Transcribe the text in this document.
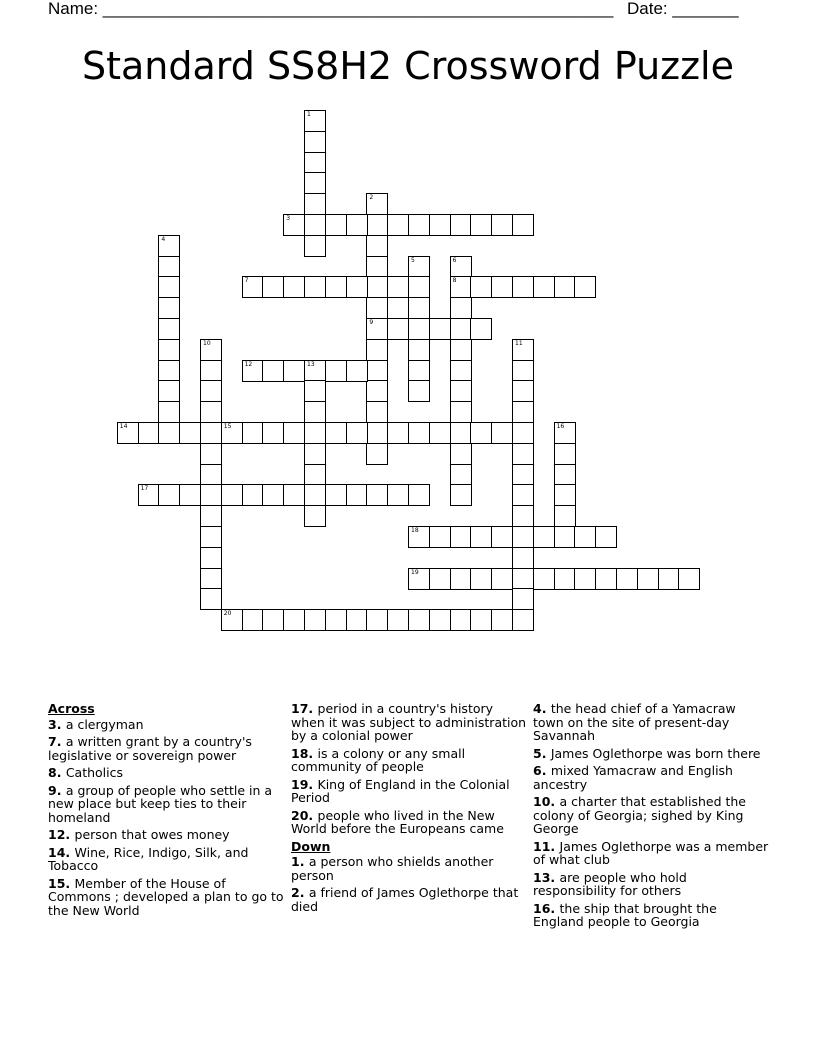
Name: ______________________________________________________ Date: _______
Standard SS8H2 Crossword Puzzle
1
2
9
3
4
5	6
8
7
10	11
12	13
14	15	16
17
18
19
20
Across
3. a clergyman
7. a written grant by a country's legislative or sovereign power
8. Catholics
9. a group of people who settle in a new place but keep ties to their homeland
12. person that owes money
14. Wine, Rice, Indigo, Silk, and Tobacco
15. Member of the House of Commons ; developed a plan to go to the New World
17. period in a country's history when it was subject to administration by a colonial power
18. is a colony or any small community of people
19. King of England in the Colonial Period
20. people who lived in the New World before the Europeans came
Down
1. a person who shields another person
2. a friend of James Oglethorpe that died
4. the head chief of a Yamacraw town on the site of present-day Savannah
5. James Oglethorpe was born there
6. mixed Yamacraw and English ancestry
10. a charter that established the colony of Georgia; sighed by King George
11. James Oglethorpe was a member of what club
13. are people who hold responsibility for others
16. the ship that brought the England people to Georgia
